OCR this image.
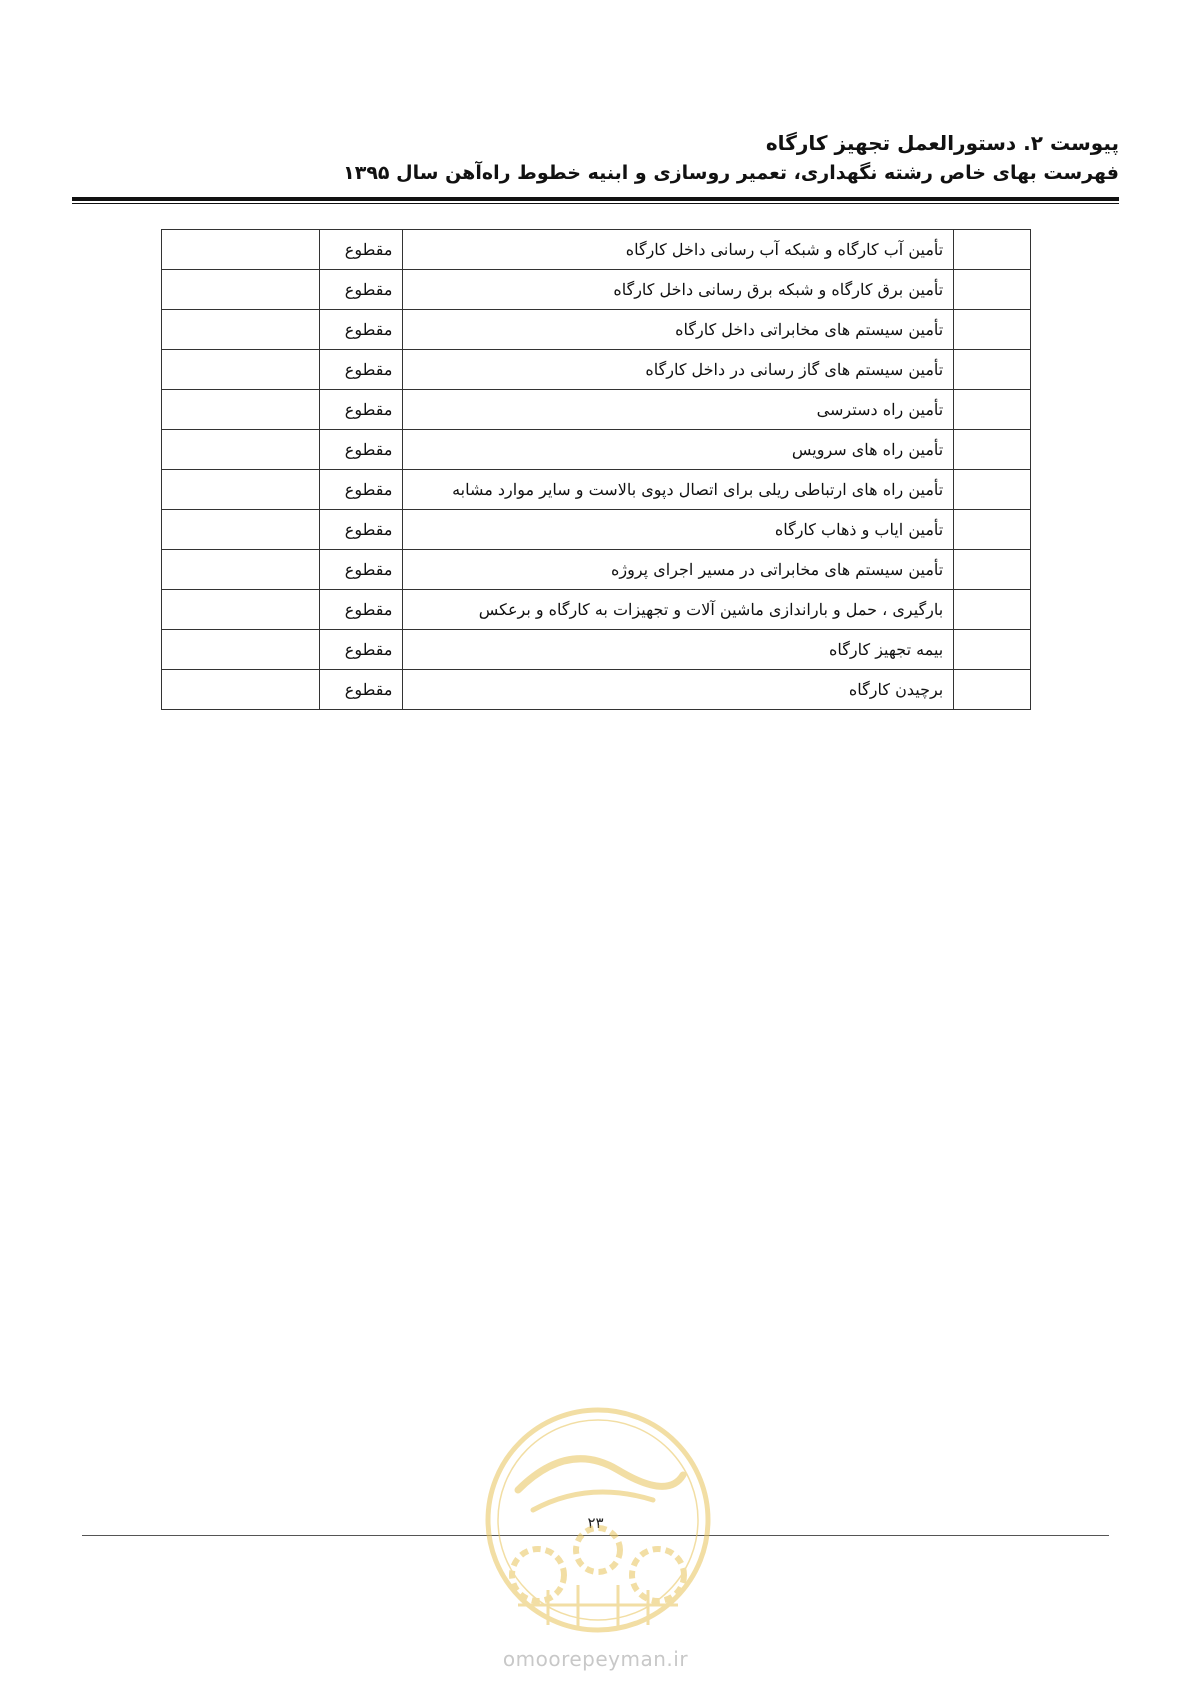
پیوست ۲. دستورالعمل تجهیز کارگاه
فهرست بهای خاص رشته نگهداری، تعمیر روسازی و ابنیه خطوط راه‌آهن سال ۱۳۹۵
	تأمین آب کارگاه و شبکه آب رسانی داخل کارگاه	مقطوع	
	تأمین برق کارگاه و شبکه برق رسانی داخل کارگاه	مقطوع	
	تأمین سیستم های مخابراتی داخل کارگاه	مقطوع	
	تأمین سیستم های گاز رسانی در داخل کارگاه	مقطوع	
	تأمین راه دسترسی	مقطوع	
	تأمین راه های سرویس	مقطوع	
	تأمین راه های ارتباطی ریلی برای اتصال دپوی بالاست و سایر موارد مشابه	مقطوع	
	تأمین ایاب و ذهاب کارگاه	مقطوع	
	تأمین سیستم های مخابراتی در مسیر اجرای پروژه	مقطوع	
	بارگیری ، حمل و باراندازی ماشین آلات و تجهیزات به کارگاه و برعکس	مقطوع	
	بیمه تجهیز کارگاه	مقطوع	
	برچیدن کارگاه	مقطوع	
۲۳
omoorepeyman.ir
